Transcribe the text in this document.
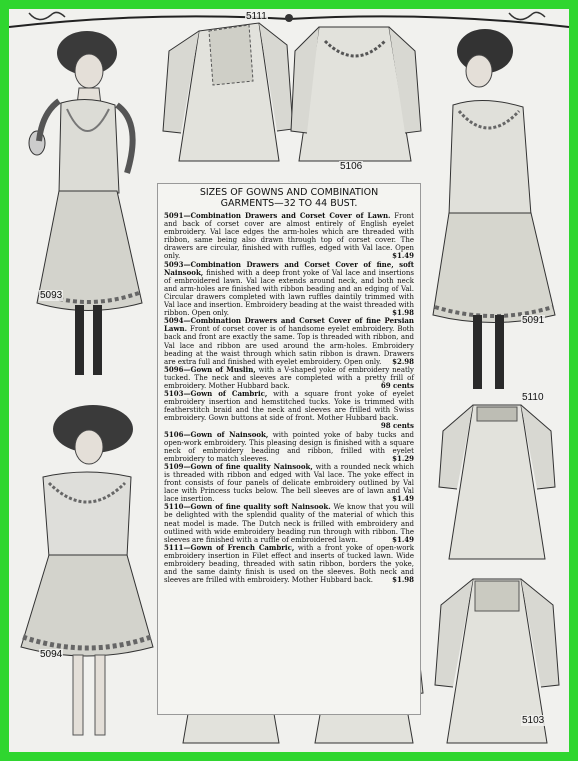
5093
5111
5106
5091
5110
5094
5103
SIZES OF GOWNS AND COMBINATION
GARMENTS—32 TO 44 BUST.

5091—Combination Drawers and Corset Cover of Lawn. Front and back of corset cover are almost entirely of English eyelet embroidery. Val lace edges the arm-holes which are threaded with ribbon, same being also drawn through top of corset cover. The drawers are circular, finished with ruffles, edged with Val lace. Open only.	$1.49

5093—Combination Drawers and Corset Cover of fine, soft Nainsook, finished with a deep front yoke of Val lace and insertions of embroidered lawn. Val lace extends around neck, and both neck and arm-holes are finished with ribbon beading and an edging of Val. Circular drawers completed with lawn ruffles daintily trimmed with Val lace and insertion. Embroidery beading at the waist threaded with ribbon. Open only.	$1.98

5094—Combination Drawers and Corset Cover of fine Persian Lawn. Front of corset cover is of handsome eyelet embroidery. Both back and front are exactly the same. Top is threaded with ribbon, and Val lace and ribbon are used around the arm-holes. Embroidery beading at the waist through which satin ribbon is drawn. Drawers are extra full and finished with eyelet embroidery. Open only.	$2.98

5096—Gown of Muslin, with a V-shaped yoke of embroidery neatly tucked. The neck and sleeves are completed with a pretty frill of embroidery. Mother Hubbard back.	69 cents

5103—Gown of Cambric, with a square front yoke of eyelet embroidery insertion and hemstitched tucks. Yoke is trimmed with featherstitch braid and the neck and sleeves are frilled with Swiss embroidery. Gown buttons at side of front. Mother Hubbard back.
98 cents

5106—Gown of Nainsook, with pointed yoke of baby tucks and open-work embroidery. This pleasing design is finished with a square neck of embroidery beading and ribbon, frilled with eyelet embroidery to match sleeves.	$1.29

5109—Gown of fine quality Nainsook, with a rounded neck which is threaded with ribbon and edged with Val lace. The yoke effect in front consists of four panels of delicate embroidery outlined by Val lace with Princess tucks below. The bell sleeves are of lawn and Val lace insertion.	$1.49

5110—Gown of fine quality soft Nainsook. We know that you will be delighted with the splendid quality of the material of which this neat model is made. The Dutch neck is frilled with embroidery and outlined with wide embroidery beading run through with ribbon. The sleeves are finished with a ruffle of embroidered lawn.	$1.49

5111—Gown of French Cambric, with a front yoke of open-work embroidery insertion in Filet effect and inserts of tucked lawn. Wide embroidery beading, threaded with satin ribbon, borders the yoke, and the same dainty finish is used on the sleeves. Both neck and sleeves are frilled with embroidery. Mother Hubbard back.	$1.98
